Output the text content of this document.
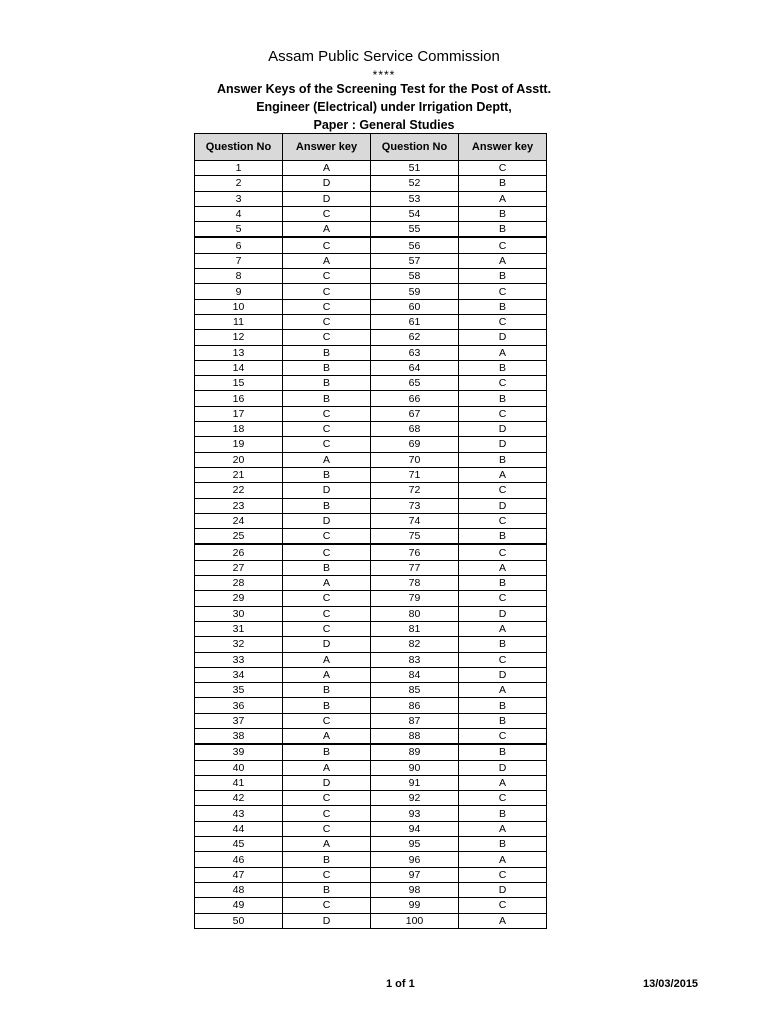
Assam Public Service Commission
****
Answer Keys of the Screening Test for the Post of Asstt.
Engineer (Electrical) under Irrigation Deptt,
Paper : General Studies
Question No	Answer key	Question No	Answer key
1	A	51	C
2	D	52	B
3	D	53	A
4	C	54	B
5	A	55	B
6	C	56	C
7	A	57	A
8	C	58	B
9	C	59	C
10	C	60	B
11	C	61	C
12	C	62	D
13	B	63	A
14	B	64	B
15	B	65	C
16	B	66	B
17	C	67	C
18	C	68	D
19	C	69	D
20	A	70	B
21	B	71	A
22	D	72	C
23	B	73	D
24	D	74	C
25	C	75	B
26	C	76	C
27	B	77	A
28	A	78	B
29	C	79	C
30	C	80	D
31	C	81	A
32	D	82	B
33	A	83	C
34	A	84	D
35	B	85	A
36	B	86	B
37	C	87	B
38	A	88	C
39	B	89	B
40	A	90	D
41	D	91	A
42	C	92	C
43	C	93	B
44	C	94	A
45	A	95	B
46	B	96	A
47	C	97	C
48	B	98	D
49	C	99	C
50	D	100	A
1 of 1	13/03/2015
